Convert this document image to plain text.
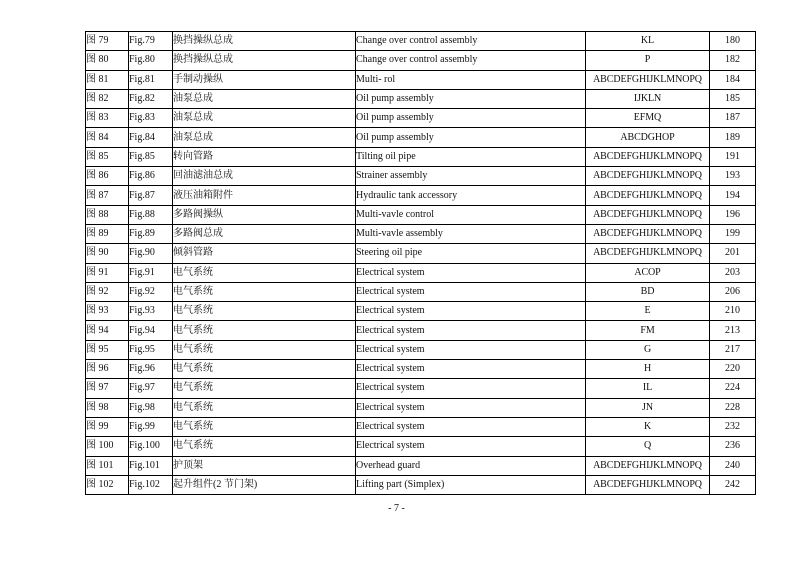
图 79	Fig.79	换挡操纵总成	Change over control assembly	KL	180
图 80	Fig.80	换挡操纵总成	Change over control assembly	P	182
图 81	Fig.81	手制动操纵	Multi- rol	ABCDEFGHIJKLMNOPQ	184
图 82	Fig.82	油泵总成	Oil pump assembly	IJKLN	185
图 83	Fig.83	油泵总成	Oil pump assembly	EFMQ	187
图 84	Fig.84	油泵总成	Oil pump assembly	ABCDGHOP	189
图 85	Fig.85	转向管路	Tilting oil pipe	ABCDEFGHIJKLMNOPQ	191
图 86	Fig.86	回油滤油总成	Strainer assembly	ABCDEFGHIJKLMNOPQ	193
图 87	Fig.87	液压油箱附件	Hydraulic tank accessory	ABCDEFGHIJKLMNOPQ	194
图 88	Fig.88	多路阀操纵	Multi-vavle control	ABCDEFGHIJKLMNOPQ	196
图 89	Fig.89	多路阀总成	Multi-vavle assembly	ABCDEFGHIJKLMNOPQ	199
图 90	Fig.90	倾斜管路	Steering oil pipe	ABCDEFGHIJKLMNOPQ	201
图 91	Fig.91	电气系统	Electrical system	ACOP	203
图 92	Fig.92	电气系统	Electrical system	BD	206
图 93	Fig.93	电气系统	Electrical system	E	210
图 94	Fig.94	电气系统	Electrical system	FM	213
图 95	Fig.95	电气系统	Electrical system	G	217
图 96	Fig.96	电气系统	Electrical system	H	220
图 97	Fig.97	电气系统	Electrical system	IL	224
图 98	Fig.98	电气系统	Electrical system	JN	228
图 99	Fig.99	电气系统	Electrical system	K	232
图 100	Fig.100	电气系统	Electrical system	Q	236
图 101	Fig.101	护顶架	Overhead guard	ABCDEFGHIJKLMNOPQ	240
图 102	Fig.102	起升组件(2 节门架)	Lifting part (Simplex)	ABCDEFGHIJKLMNOPQ	242
- 7 -
